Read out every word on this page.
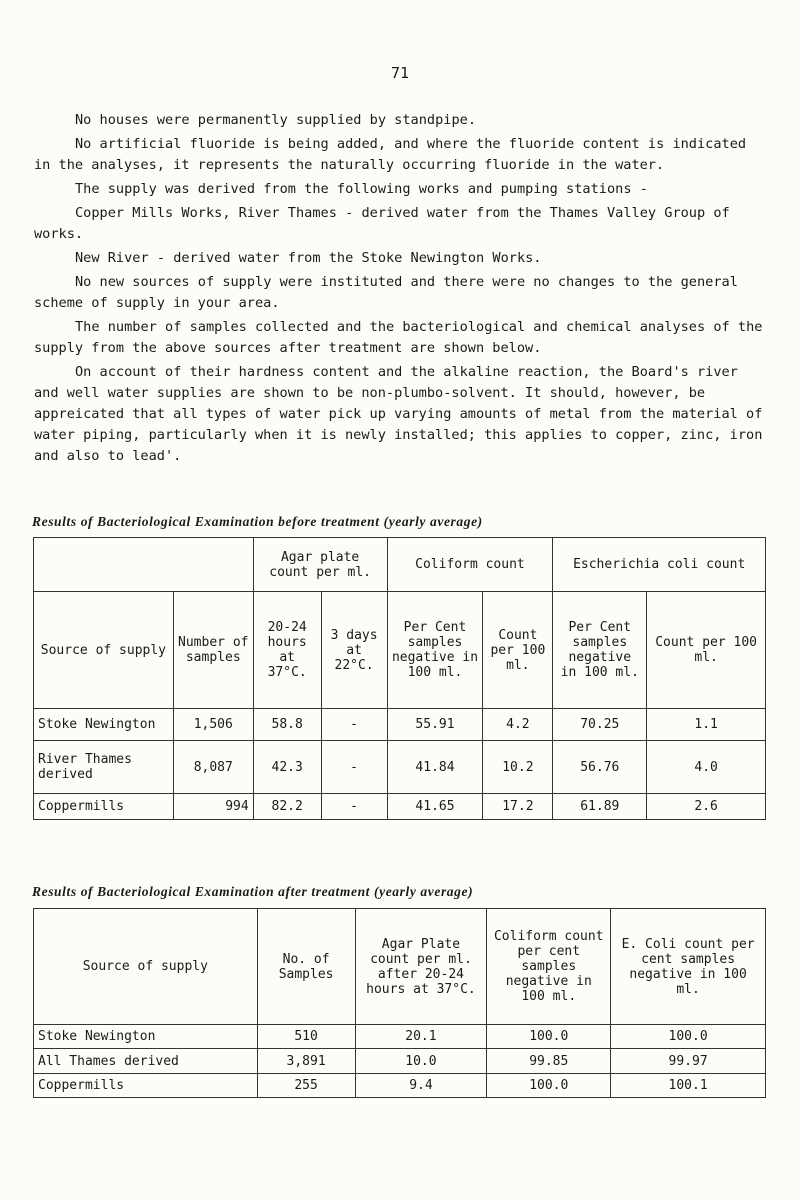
71

No houses were permanently supplied by standpipe.

No artificial fluoride is being added, and where the fluoride content is indicated in the analyses, it represents the naturally occurring fluoride in the water.

The supply was derived from the following works and pumping stations -

Copper Mills Works, River Thames - derived water from the Thames Valley Group of works.

New River - derived water from the Stoke Newington Works.

No new sources of supply were instituted and there were no changes to the general scheme of supply in your area.

The number of samples collected and the bacteriological and chemical analyses of the supply from the above sources after treatment are shown below.

On account of their hardness content and the alkaline reaction, the Board's river and well water supplies are shown to be non-plumbo-solvent. It should, however, be appreicated that all types of water pick up varying amounts of metal from the material of water piping, particularly when it is newly installed; this applies to copper, zinc, iron and also to lead'.

Results of Bacteriological Examination before treatment (yearly average)
		Agar plate count per ml.		Coliform count		Escherichia coli count	
Source of supply	Number of samples	20-24 hours at 37°C.	3 days at 22°C.	Per Cent samples negative in 100 ml.	Count per 100 ml.	Per Cent samples negative in 100 ml.	Count per 100 ml.
Stoke Newington	1,506	58.8	-	55.91	4.2	70.25	1.1
River Thames derived	8,087	42.3	-	41.84	10.2	56.76	4.0
Coppermills	994	82.2	-	41.65	17.2	61.89	2.6
Results of Bacteriological Examination after treatment (yearly average)
Source of supply	No. of Samples	Agar Plate count per ml. after 20-24 hours at 37°C.	Coliform count per cent samples negative in 100 ml.	E. Coli count per cent samples negative in 100 ml.
Stoke Newington	510	20.1	100.0	100.0
All Thames derived	3,891	10.0	99.85	99.97
Coppermills	255	9.4	100.0	100.1
